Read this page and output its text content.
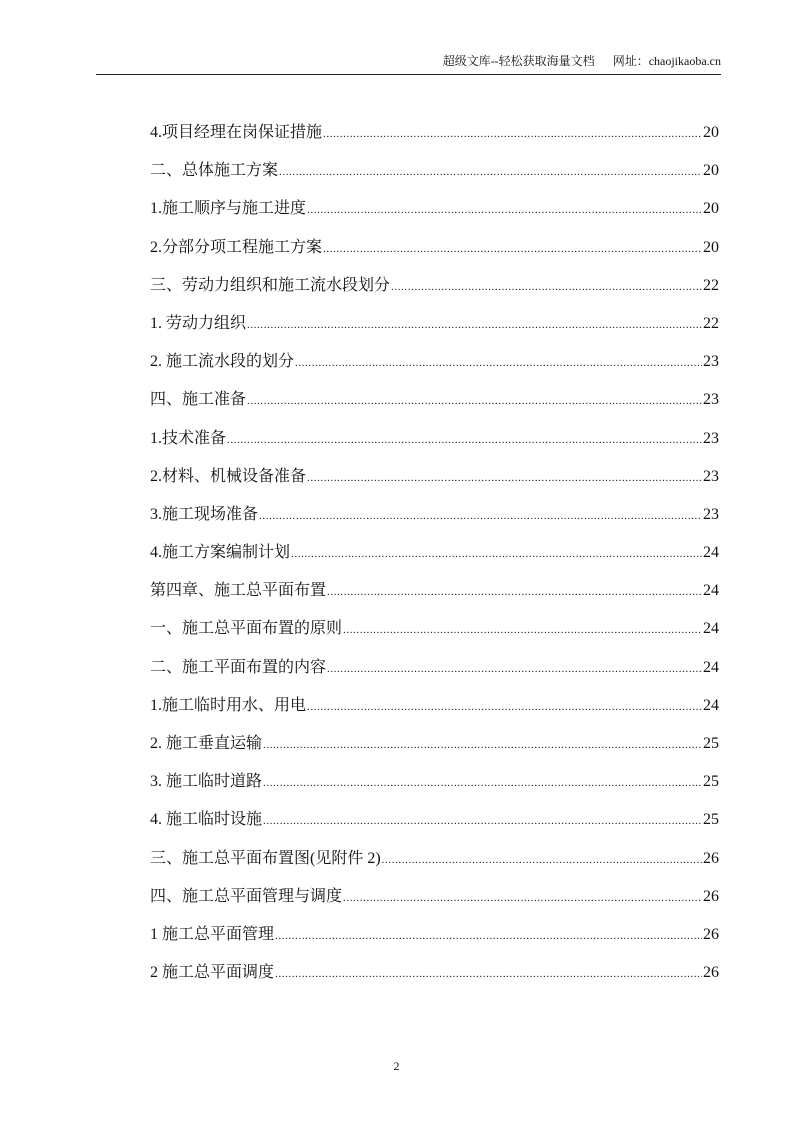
超级文库--轻松获取海量文档 网址：chaojikaoba.cn
4.项目经理在岗保证措施 .....	20
二、总体施工方案 .....	20
1.施工顺序与施工进度 .....	20
2.分部分项工程施工方案 .....	20
三、劳动力组织和施工流水段划分 .....	22
1. 劳动力组织 .....	22
2. 施工流水段的划分 .....	23
四、施工准备 .....	23
1.技术准备 .....	23
2.材料、机械设备准备 .....	23
3.施工现场准备 .....	23
4.施工方案编制计划 .....	24
第四章、施工总平面布置 .....	24
一、施工总平面布置的原则 .....	24
二、施工平面布置的内容 .....	24
1.施工临时用水、用电 .....	24
2. 施工垂直运输 .....	25
3. 施工临时道路 .....	25
4. 施工临时设施 .....	25
三、施工总平面布置图(见附件 2) .....	26
四、施工总平面管理与调度 .....	26
1 施工总平面管理 .....	26
2 施工总平面调度 .....	26
2
